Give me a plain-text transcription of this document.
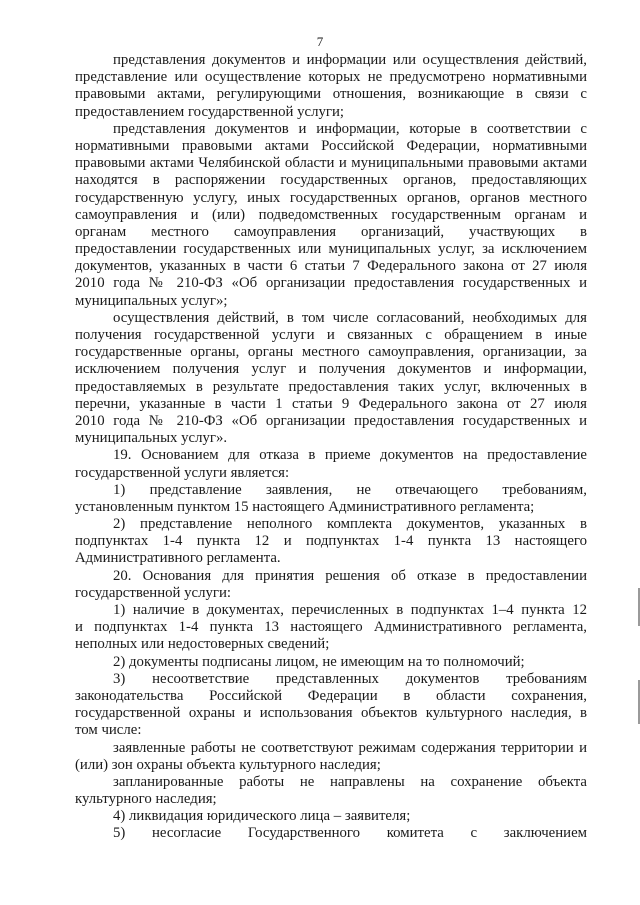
7
представления документов и информации или осуществления действий,
представление или осуществление которых не предусмотрено нормативными
правовыми актами, регулирующими отношения, возникающие в связи с
предоставлением государственной услуги;
представления документов и информации, которые в соответствии с
нормативными правовыми актами Российской Федерации, нормативными
правовыми актами Челябинской области и муниципальными правовыми актами
находятся в распоряжении государственных органов, предоставляющих
государственную услугу, иных государственных органов, органов местного
самоуправления и (или) подведомственных государственным органам и
органам местного самоуправления организаций, участвующих в
предоставлении государственных или муниципальных услуг, за исключением
документов, указанных в части 6 статьи 7 Федерального закона от 27 июля
2010 года № 210-ФЗ «Об организации предоставления государственных и
муниципальных услуг»;
осуществления действий, в том числе согласований, необходимых для
получения государственной услуги и связанных с обращением в иные
государственные органы, органы местного самоуправления, организации, за
исключением получения услуг и получения документов и информации,
предоставляемых в результате предоставления таких услуг, включенных в
перечни, указанные в части 1 статьи 9 Федерального закона от 27 июля
2010 года № 210-ФЗ «Об организации предоставления государственных и
муниципальных услуг».
19. Основанием для отказа в приеме документов на предоставление
государственной услуги является:
1) представление заявления, не отвечающего требованиям,
установленным пунктом 15 настоящего Административного регламента;
2) представление неполного комплекта документов, указанных в
подпунктах 1-4 пункта 12 и подпунктах 1-4 пункта 13 настоящего
Административного регламента.
20. Основания для принятия решения об отказе в предоставлении
государственной услуги:
1) наличие в документах, перечисленных в подпунктах 1–4 пункта 12
и подпунктах 1-4 пункта 13 настоящего Административного регламента,
неполных или недостоверных сведений;
2) документы подписаны лицом, не имеющим на то полномочий;
3) несоответствие представленных документов требованиям
законодательства Российской Федерации в области сохранения,
государственной охраны и использования объектов культурного наследия, в
том числе:
заявленные работы не соответствуют режимам содержания территории и
(или) зон охраны объекта культурного наследия;
запланированные работы не направлены на сохранение объекта
культурного наследия;
4) ликвидация юридического лица – заявителя;
5) несогласие Государственного комитета с заключением
